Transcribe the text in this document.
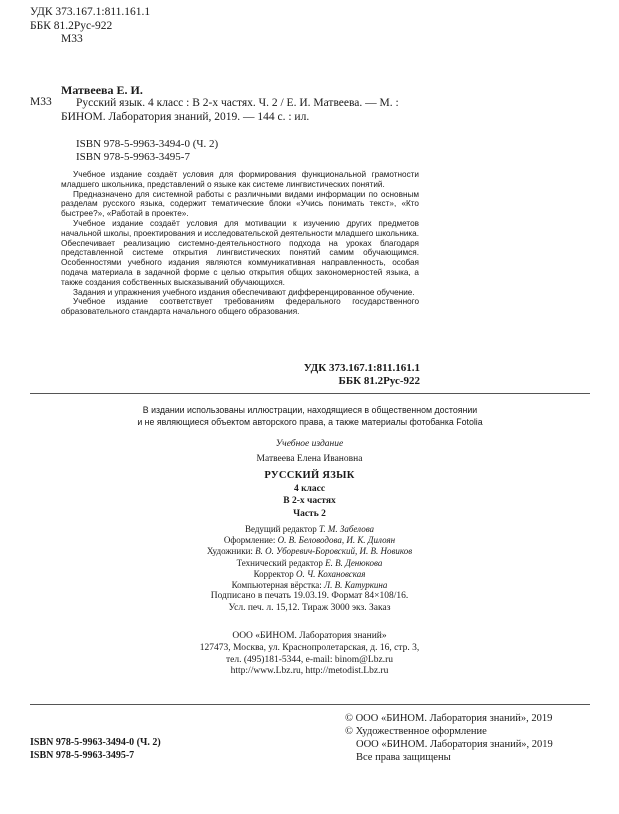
УДК 373.167.1:811.161.1
ББК 81.2Рус-922
М33
Матвеева Е. И.
М33	Русский язык. 4 класс : В 2-х частях. Ч. 2 / Е. И. Матвеева. — М. : БИНОМ. Лаборатория знаний, 2019. — 144 с. : ил.
ISBN 978-5-9963-3494-0 (Ч. 2)
ISBN 978-5-9963-3495-7

Учебное издание создаёт условия для формирования функциональной грамотности младшего школьника, представлений о языке как системе лингвистических понятий.

Предназначено для системной работы с различными видами информации по основным разделам русского языка, содержит тематические блоки «Учись понимать текст», «Кто быстрее?», «Работай в проекте».

Учебное издание создаёт условия для мотивации к изучению других предметов начальной школы, проектирования и исследовательской деятельности младшего школьника. Обеспечивает реализацию системно-деятельностного подхода на уроках благодаря представленной системе открытия лингвистических понятий самим обучающимся. Особенностями учебного издания являются коммуникативная направленность, особая подача материала в задачной форме с целью открытия общих закономерностей языка, а также создания собственных высказываний обучающихся.

Задания и упражнения учебного издания обеспечивают дифференцированное обучение.

Учебное издание соответствует требованиям федерального государственного образовательного стандарта начального общего образования.

УДК 373.167.1:811.161.1
ББК 81.2Рус-922
В издании использованы иллюстрации, находящиеся в общественном достоянии
и не являющиеся объектом авторского права, а также материалы фотобанка Fotolia
Учебное издание
Матвеева Елена Ивановна
РУССКИЙ ЯЗЫК
4 класс
В 2-х частях
Часть 2
Ведущий редактор Т. М. Забелова
Оформление: О. В. Беловодова, И. К. Дилоян
Художники: В. О. Уборевич-Боровский, И. В. Новиков
Технический редактор Е. В. Денюкова
Корректор О. Ч. Кохановская
Компьютерная вёрстка: Л. В. Катуркина
Подписано в печать 19.03.19. Формат 84×108/16.
Усл. печ. л. 15,12. Тираж 3000 экз. Заказ
ООО «БИНОМ. Лаборатория знаний»
127473, Москва, ул. Краснопролетарская, д. 16, стр. 3,
тел. (495)181-5344, e-mail: binom@Lbz.ru
http://www.Lbz.ru, http://metodist.Lbz.ru
ISBN 978-5-9963-3494-0 (Ч. 2)
ISBN 978-5-9963-3495-7
© ООО «БИНОМ. Лаборатория знаний», 2019
© Художественное оформление
ООО «БИНОМ. Лаборатория знаний», 2019
Все права защищены
